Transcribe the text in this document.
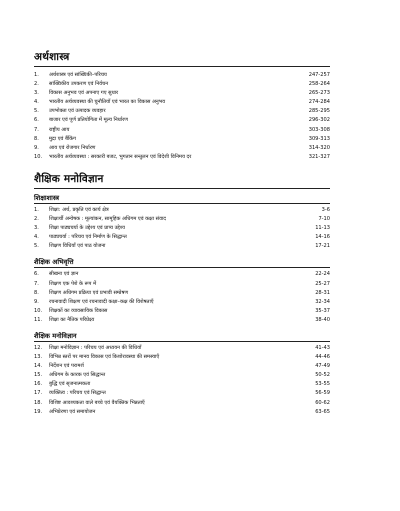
अर्थशास्त्र
1.	अर्थशास्त्र एवं सांख्यिकी–परिचय	247-257
2.	सांख्यिकीय उपकरण एवं निर्वचन	258-264
3.	विकास अनुभव एवं अपनाए गए सुधार	265-273
4.	भारतीय अर्थव्यवस्था की चुनौतियाँ एवं भारत का विकास अनुभव	274-284
5.	उपभोक्ता एवं उत्पादक व्यवहार	285-295
6.	बाजार एवं पूर्ण प्रतियोगिता में मूल्य निर्धारण	296-302
7.	राष्ट्रीय आय	303-308
8.	मुद्रा एवं बैंकिंग	309-313
9.	आय एवं रोजगार निर्धारण	314-320
10.	भारतीय अर्थव्यवस्था : सरकारी बजट, भुगतान सन्तुलन एवं विदेशी विनिमय दर	321-327
शैक्षिक मनोविज्ञान
शिक्षाशास्त्र
1.	शिक्षा: अर्थ, प्रकृति एवं कार्य क्षेत्र	3-6
2.	शिक्षार्थी अन्वेषक : मूल्यांकन, सामूहिक अधिगम एवं कक्षा संवाद	7-10
3.	शिक्षा पाठ्यचर्या के उद्देश्य एवं प्राप्य उद्देश्य	11-13
4.	पाठ्यचर्या : परिचय एवं निर्माण के सिद्धान्त	14-16
5.	शिक्षण विधियाँ एवं पाठ योजना	17-21
शैक्षिक अभिवृत्ति
6.	सीखना एवं ज्ञान	22-24
7.	शिक्षण एक पेशे के रूप में	25-27
8.	शिक्षण अधिगम प्रक्रिया एवं प्रभावी सम्प्रेषण	28-31
9.	रचनावादी शिक्षण एवं रचनावादी कक्षा–कक्ष की विशेषताएँ	32-34
10.	शिक्षकों का व्यावसायिक विकास	35-37
11.	शिक्षा का नैतिक परिप्रेक्ष्य	38-40
शैक्षिक मनोविज्ञान
12.	शिक्षा मनोविज्ञान : परिचय एवं अध्ययन की विधियाँ	41-43
13.	विभिन्न स्तरों पर मानव विकास एवं किशोरावस्था की समस्याएँ	44-46
14.	निर्देशन एवं परामर्श	47-49
15.	अधिगम के कारक एवं सिद्धान्त	50-52
16.	बुद्धि एवं सृजनात्मकता	53-55
17.	व्यक्तित्व : परिचय एवं सिद्धान्त	56-59
18.	विशिष्ट आवश्यकता वाले बच्चे एवं वैयक्तिक भिन्नताएँ	60-62
19.	अभिप्रेरणा एवं समायोजन	63-65
